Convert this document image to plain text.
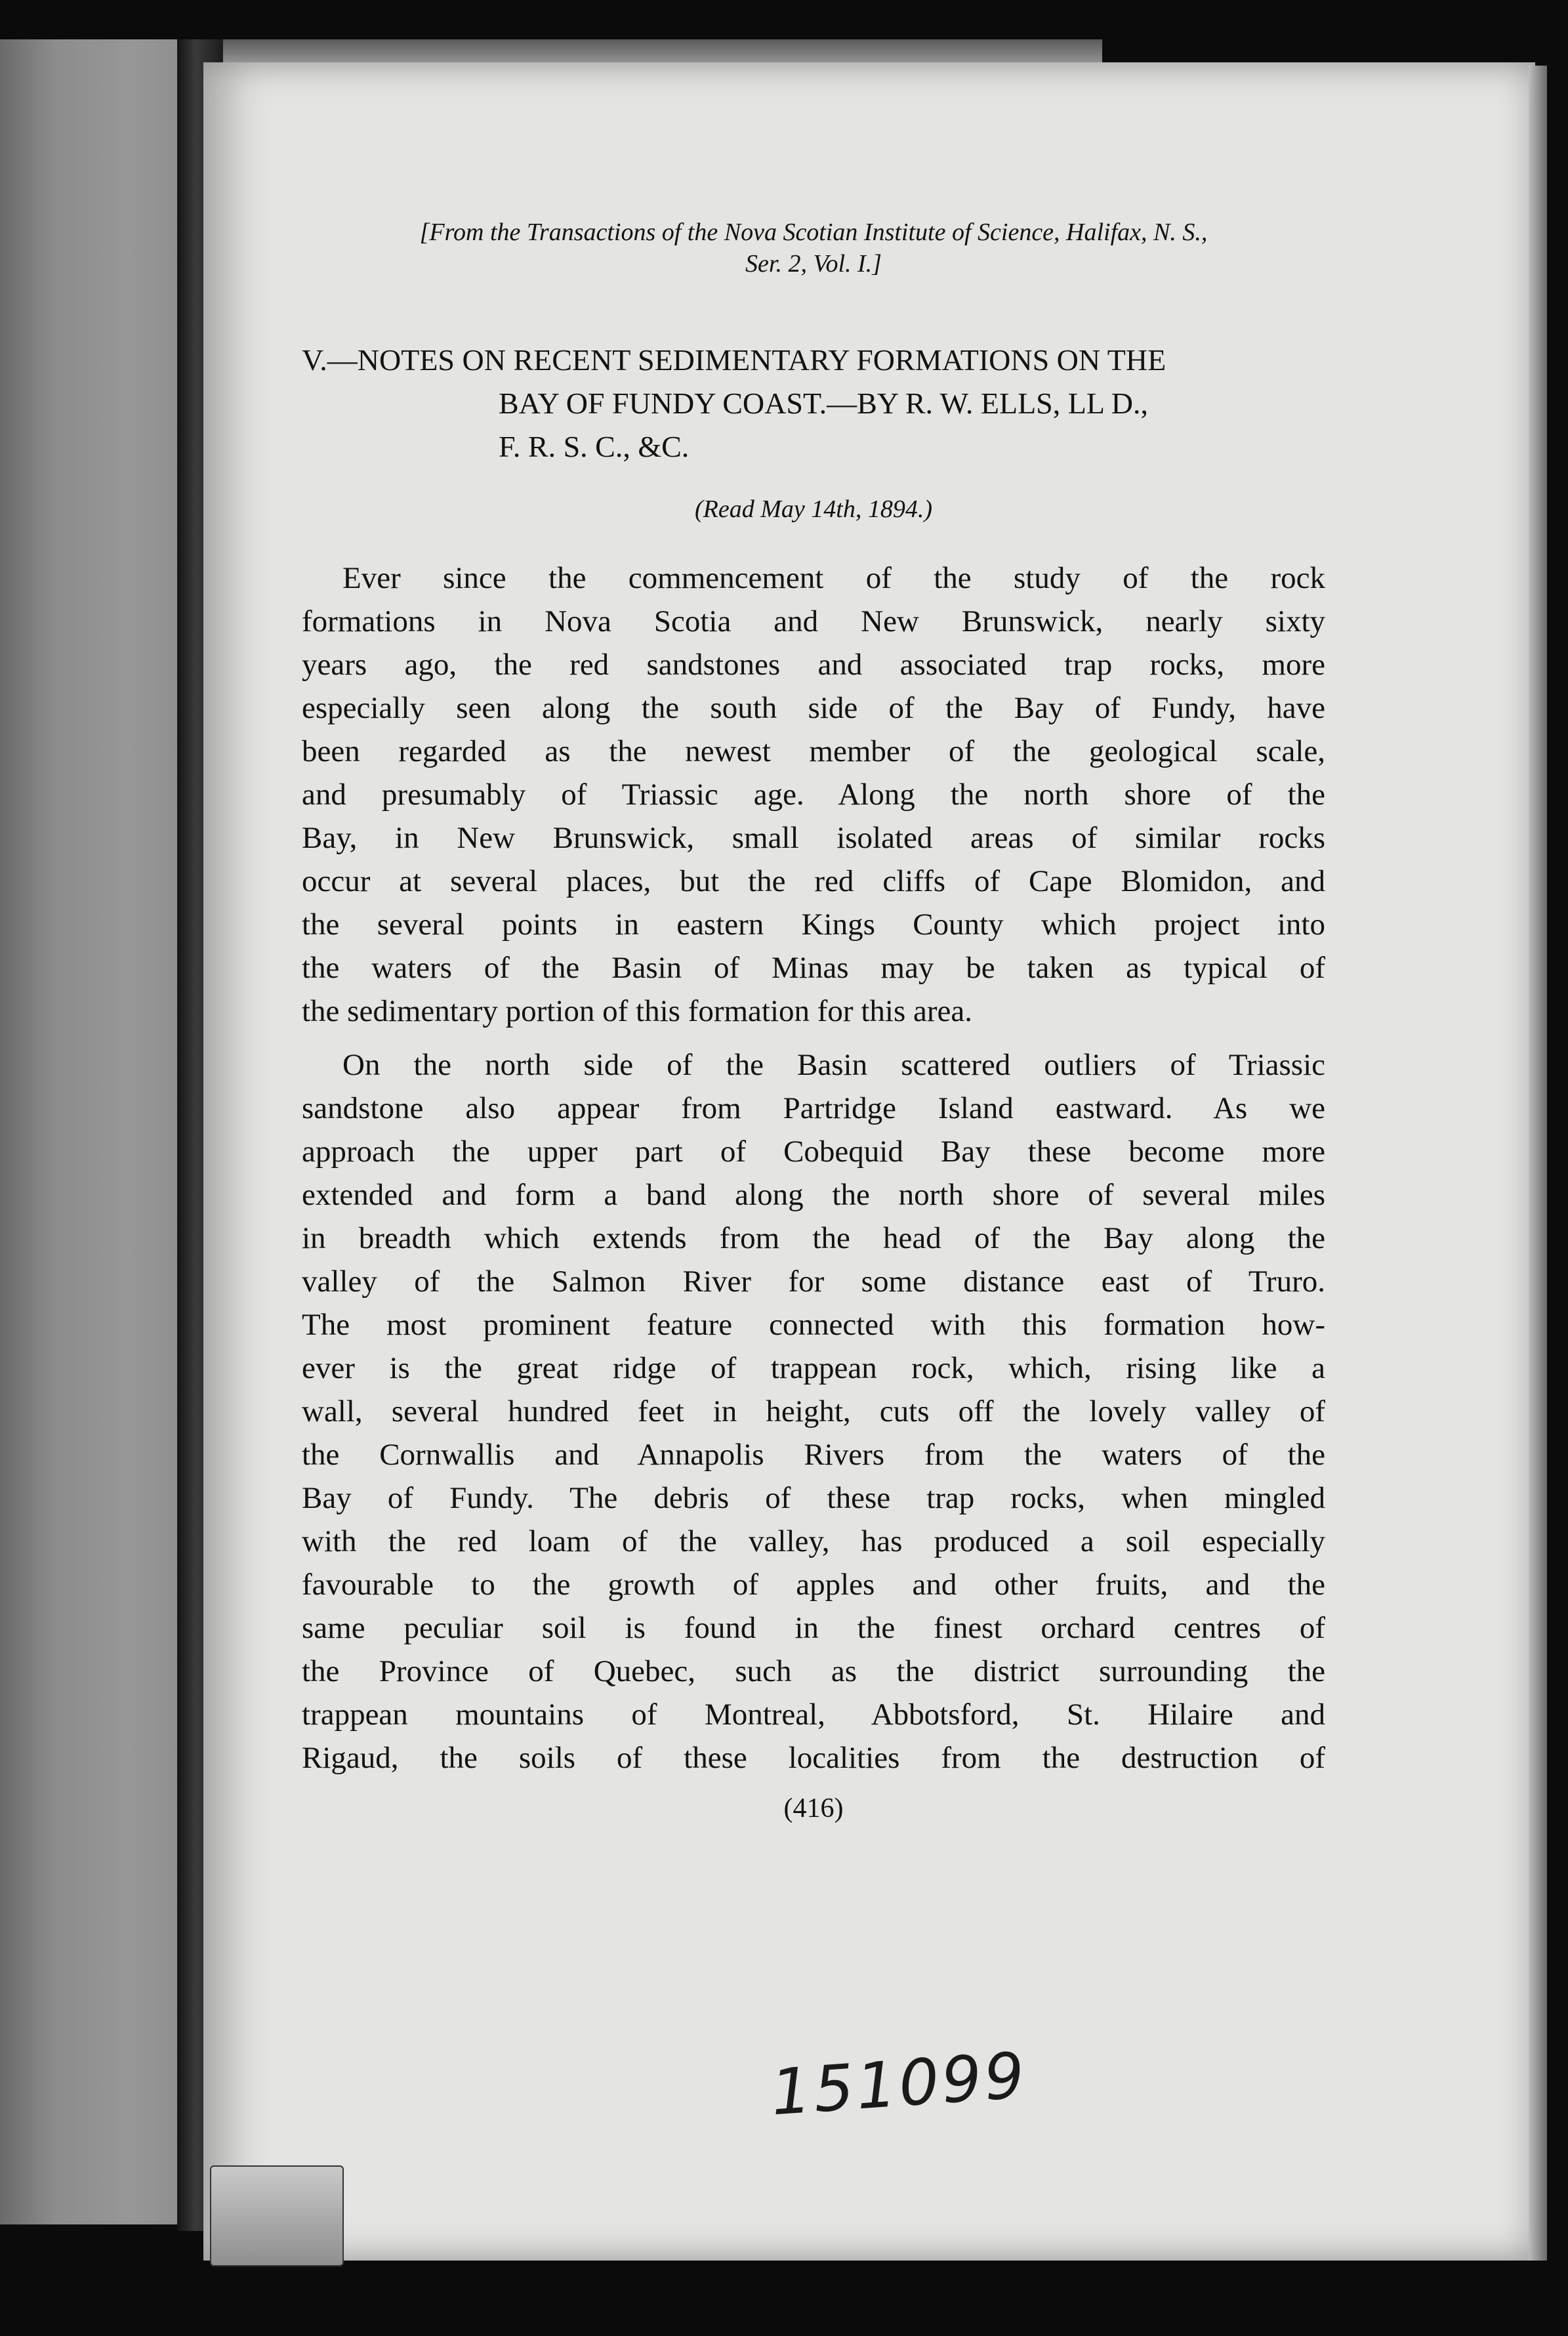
[From the Transactions of the Nova Scotian Institute of Science, Halifax, N. S.,
Ser. 2, Vol. I.]
V.—NOTES ON RECENT SEDIMENTARY FORMATIONS ON THE
BAY OF FUNDY COAST.—BY R. W. ELLS, LL D.,
F. R. S. C., &C.
(Read May 14th, 1894.)
Ever since the commencement of the study of the rock
formations in Nova Scotia and New Brunswick, nearly sixty
years ago, the red sandstones and associated trap rocks, more
especially seen along the south side of the Bay of Fundy, have
been regarded as the newest member of the geological scale,
and presumably of Triassic age. Along the north shore of the
Bay, in New Brunswick, small isolated areas of similar rocks
occur at several places, but the red cliffs of Cape Blomidon, and
the several points in eastern Kings County which project into
the waters of the Basin of Minas may be taken as typical of
the sedimentary portion of this formation for this area.
On the north side of the Basin scattered outliers of Triassic
sandstone also appear from Partridge Island eastward. As we
approach the upper part of Cobequid Bay these become more
extended and form a band along the north shore of several miles
in breadth which extends from the head of the Bay along the
valley of the Salmon River for some distance east of Truro.
The most prominent feature connected with this formation how-
ever is the great ridge of trappean rock, which, rising like a
wall, several hundred feet in height, cuts off the lovely valley of
the Cornwallis and Annapolis Rivers from the waters of the
Bay of Fundy. The debris of these trap rocks, when mingled
with the red loam of the valley, has produced a soil especially
favourable to the growth of apples and other fruits, and the
same peculiar soil is found in the finest orchard centres of
the Province of Quebec, such as the district surrounding the
trappean mountains of Montreal, Abbotsford, St. Hilaire and
Rigaud, the soils of these localities from the destruction of
(416)
151099
